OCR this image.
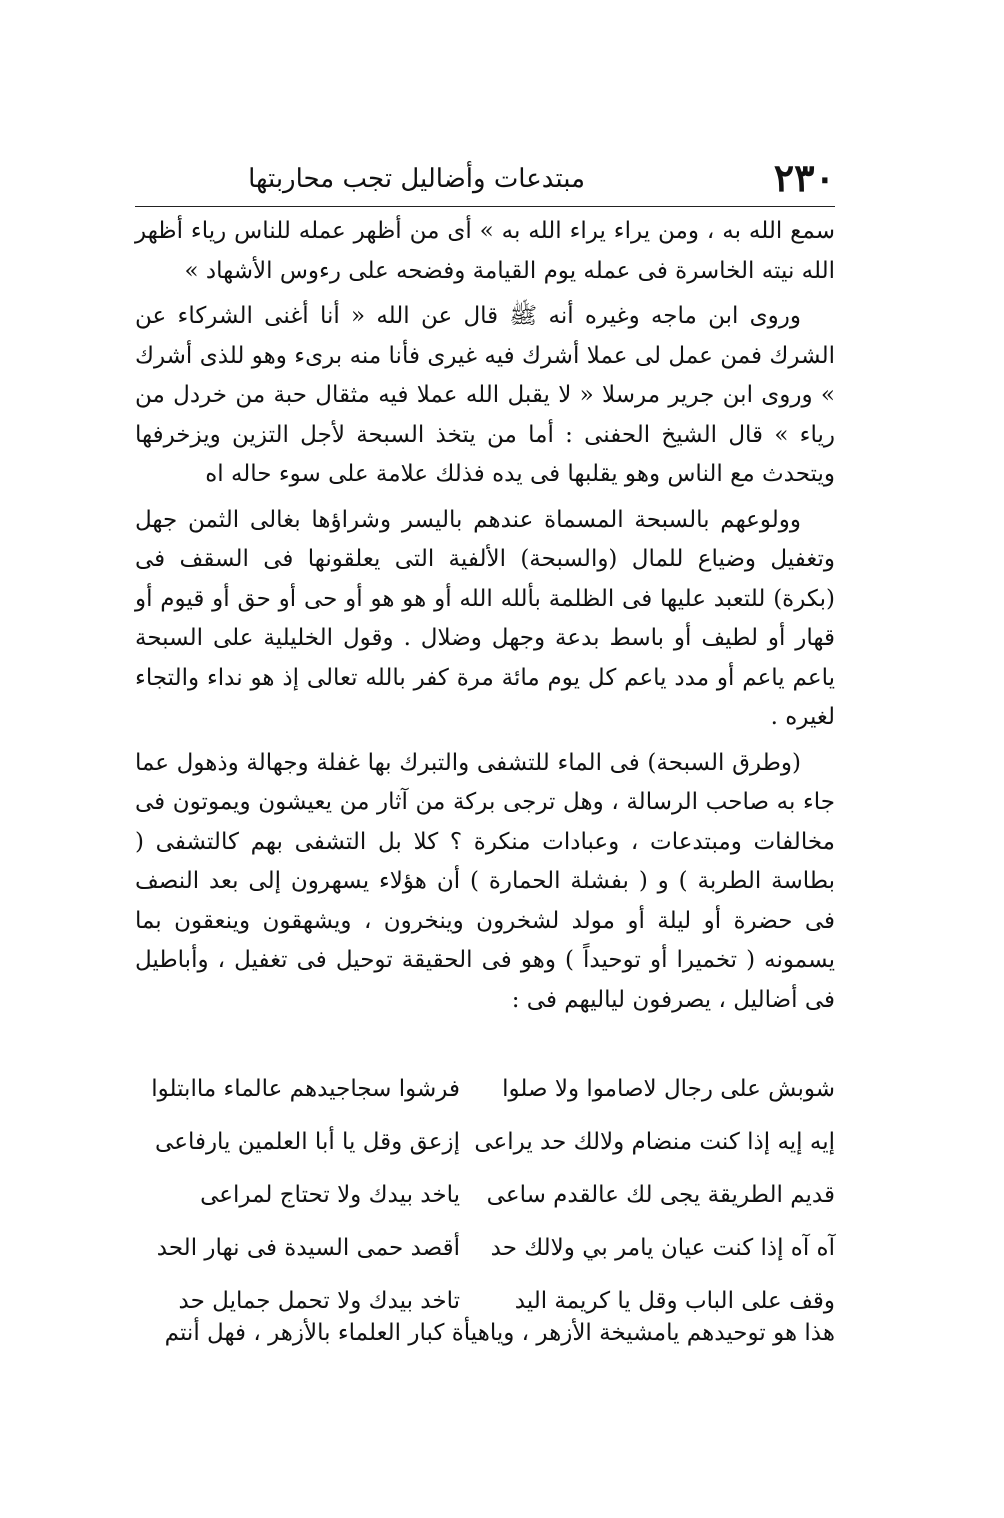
٢٣٠
مبتدعات وأضاليل تجب محاربتها

سمع الله به ، ومن يراء يراء الله به » أى من أظهر عمله للناس رياء أظهر الله نيته الخاسرة فى عمله يوم القيامة وفضحه على رءوس الأشهاد »

وروى ابن ماجه وغيره أنه ﷺ قال عن الله « أنا أغنى الشركاء عن الشرك فمن عمل لى عملا أشرك فيه غيرى فأنا منه برىء وهو للذى أشرك » وروى ابن جرير مرسلا « لا يقبل الله عملا فيه مثقال حبة من خردل من رياء » قال الشيخ الحفنى : أما من يتخذ السبحة لأجل التزين ويزخرفها ويتحدث مع الناس وهو يقلبها فى يده فذلك علامة على سوء حاله اه

وولوعهم بالسبحة المسماة عندهم باليسر وشراؤها بغالى الثمن جهل وتغفيل وضياع للمال (والسبحة) الألفية التى يعلقونها فى السقف فى (بكرة) للتعبد عليها فى الظلمة بألله الله أو هو هو أو حى أو حق أو قيوم أو قهار أو لطيف أو باسط بدعة وجهل وضلال . وقول الخليلية على السبحة ياعم ياعم أو مدد ياعم كل يوم مائة مرة كفر بالله تعالى إذ هو نداء والتجاء لغيره .

(وطرق السبحة) فى الماء للتشفى والتبرك بها غفلة وجهالة وذهول عما جاء به صاحب الرسالة ، وهل ترجى بركة من آثار من يعيشون ويموتون فى مخالفات ومبتدعات ، وعبادات منكرة ؟ كلا بل التشفى بهم كالتشفى ( بطاسة الطربة ) و ( بفشلة الحمارة ) أن هؤلاء يسهرون إلى بعد النصف فى حضرة أو ليلة أو مولد لشخرون وينخرون ، ويشهقون وينعقون بما يسمونه ( تخميرا أو توحيداً ) وهو فى الحقيقة توحيل فى تغفيل ، وأباطيل فى أضاليل ، يصرفون لياليهم فى :

شوبش على رجال لاصاموا ولا صلوا
فرشوا سجاجيدهم عالماء ماابتلوا
إيه إيه إذا كنت منضام ولالك حد يراعى
إزعق وقل يا أبا العلمين يارفاعى
قديم الطريقة يجى لك عالقدم ساعى
ياخد بيدك ولا تحتاج لمراعى
آه آه إذا كنت عيان يامر بي ولالك حد
أقصد حمى السيدة فى نهار الحد
وقف على الباب وقل يا كريمة اليد
تاخد بيدك ولا تحمل جمايل حد
هذا هو توحيدهم يامشيخة الأزهر ، وياهيأة كبار العلماء بالأزهر ، فهل أنتم
